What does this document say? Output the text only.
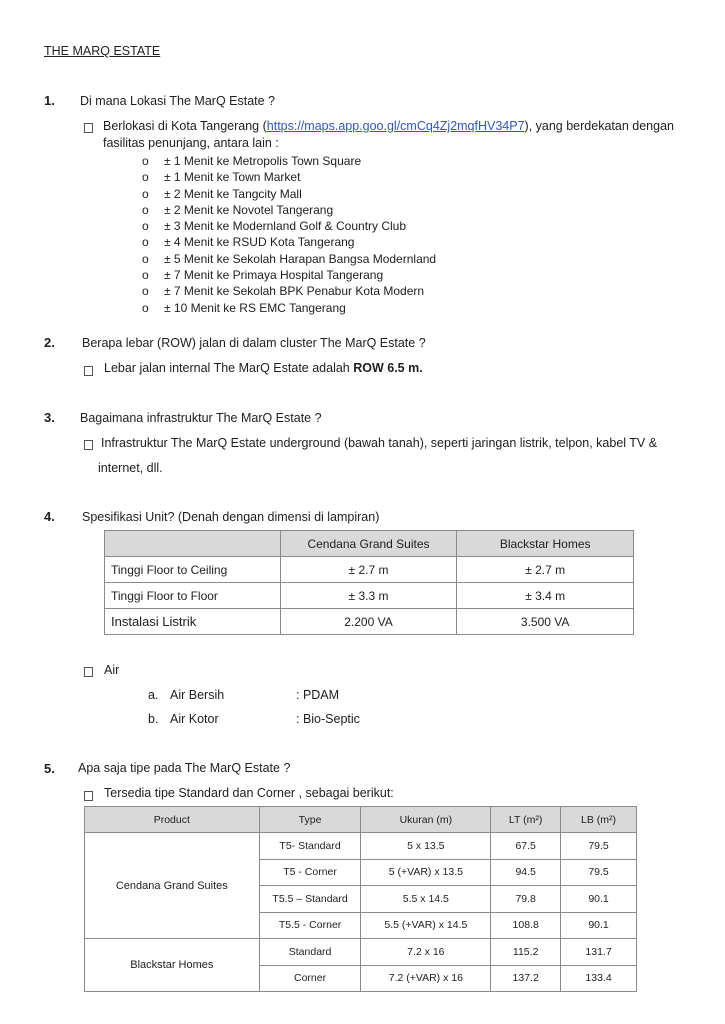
THE MARQ ESTATE
1. Di mana Lokasi The MarQ Estate ?
Berlokasi di Kota Tangerang (https://maps.app.goo.gl/cmCq4Zj2mqfHV34P7), yang berdekatan dengan
fasilitas penunjang, antara lain :
o ± 1 Menit ke Metropolis Town Square
o ± 1 Menit ke Town Market
o ± 2 Menit ke Tangcity Mall
o ± 2 Menit ke Novotel Tangerang
o ± 3 Menit ke Modernland Golf & Country Club
o ± 4 Menit ke RSUD Kota Tangerang
o ± 5 Menit ke Sekolah Harapan Bangsa Modernland
o ± 7 Menit ke Primaya Hospital Tangerang
o ± 7 Menit ke Sekolah BPK Penabur Kota Modern
o ± 10 Menit ke RS EMC Tangerang
2. Berapa lebar (ROW) jalan di dalam cluster The MarQ Estate ?
Lebar jalan internal The MarQ Estate adalah ROW 6.5 m.
3. Bagaimana infrastruktur The MarQ Estate ?
Infrastruktur The MarQ Estate underground (bawah tanah), seperti jaringan listrik, telpon, kabel TV &
internet, dll.
4. Spesifikasi Unit? (Denah dengan dimensi di lampiran)
	Cendana Grand Suites	Blackstar Homes
Tinggi Floor to Ceiling	± 2.7 m	± 2.7 m
Tinggi Floor to Floor	± 3.3 m	± 3.4 m
Instalasi Listrik	2.200 VA	3.500 VA
Air
a. Air Bersih	: PDAM
b. Air Kotor	: Bio-Septic
5. Apa saja tipe pada The MarQ Estate ?
Tersedia tipe Standard dan Corner , sebagai berikut:
Product	Type	Ukuran (m)	LT (m²)	LB (m²)
Cendana Grand Suites	T5- Standard	5 x 13.5	67.5	79.5
	T5 - Corner	5 (+VAR) x 13.5	94.5	79.5
	T5.5 – Standard	5.5 x 14.5	79.8	90.1
	T5.5 - Corner	5.5 (+VAR) x 14.5	108.8	90.1
Blackstar Homes	Standard	7.2 x 16	115.2	131.7
	Corner	7.2 (+VAR) x 16	137.2	133.4
